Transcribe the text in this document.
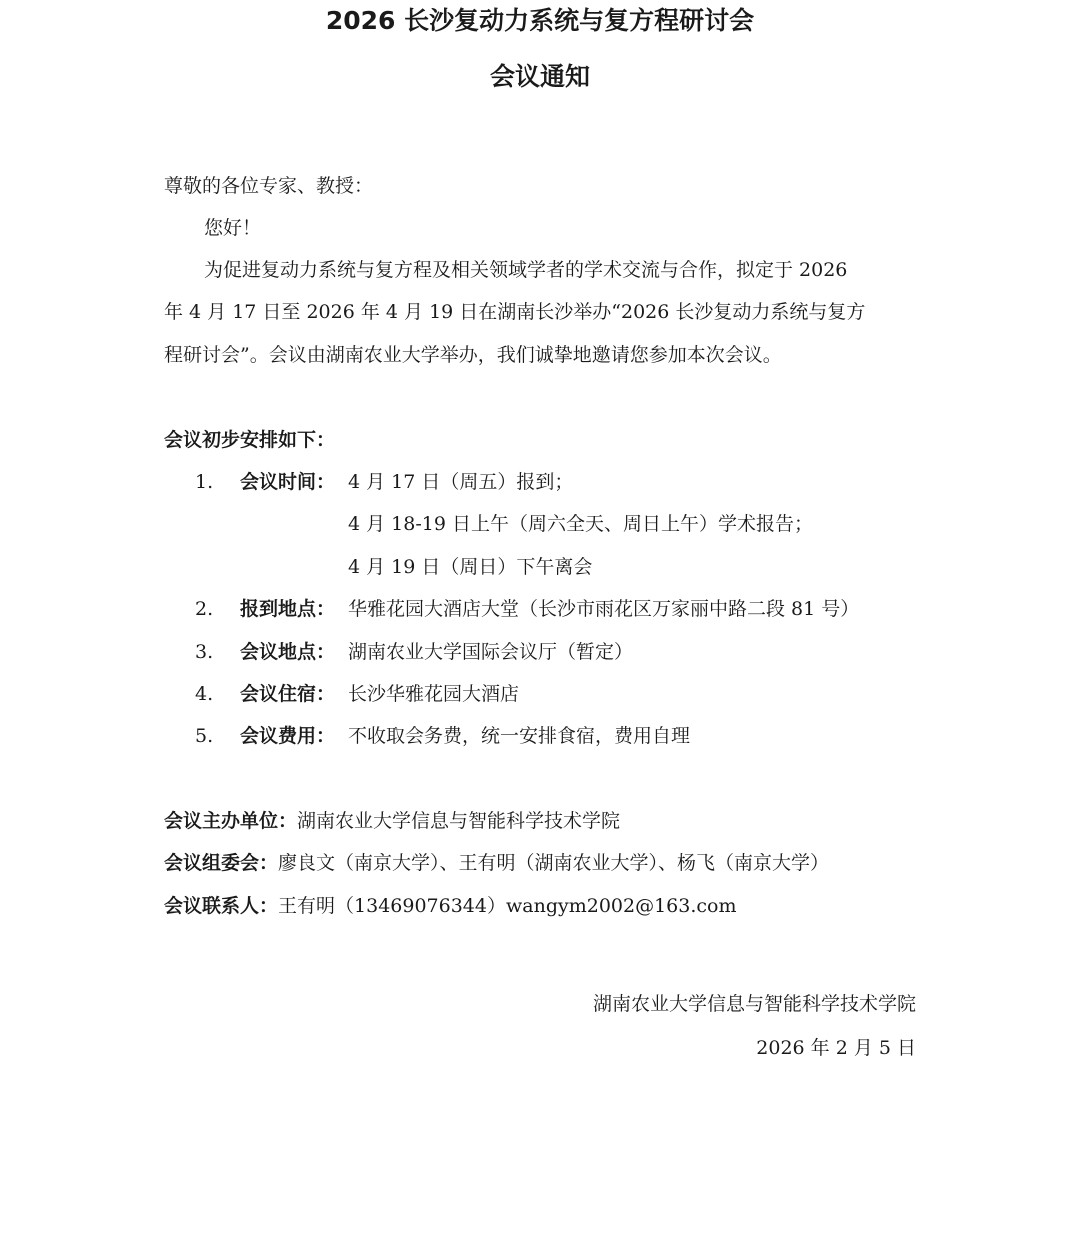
2026 长沙复动力系统与复方程研讨会
会议通知
尊敬的各位专家、教授：
您好！
为促进复动力系统与复方程及相关领域学者的学术交流与合作，拟定于 2026
年 4 月 17 日至 2026 年 4 月 19 日在湖南长沙举办“2026 长沙复动力系统与复方
程研讨会”。会议由湖南农业大学举办，我们诚挚地邀请您参加本次会议。
会议初步安排如下：
1.	会议时间： 4 月 17 日（周五）报到；
4 月 18-19 日上午（周六全天、周日上午）学术报告；
4 月 19 日（周日）下午离会
2.	报到地点： 华雅花园大酒店大堂（长沙市雨花区万家丽中路二段 81 号）
3.	会议地点： 湖南农业大学国际会议厅（暂定）
4.	会议住宿： 长沙华雅花园大酒店
5.	会议费用： 不收取会务费，统一安排食宿，费用自理
会议主办单位：湖南农业大学信息与智能科学技术学院
会议组委会：廖良文（南京大学）、王有明（湖南农业大学）、杨飞（南京大学）
会议联系人：王有明（13469076344）wangym2002@163.com
湖南农业大学信息与智能科学技术学院
2026 年 2 月 5 日
